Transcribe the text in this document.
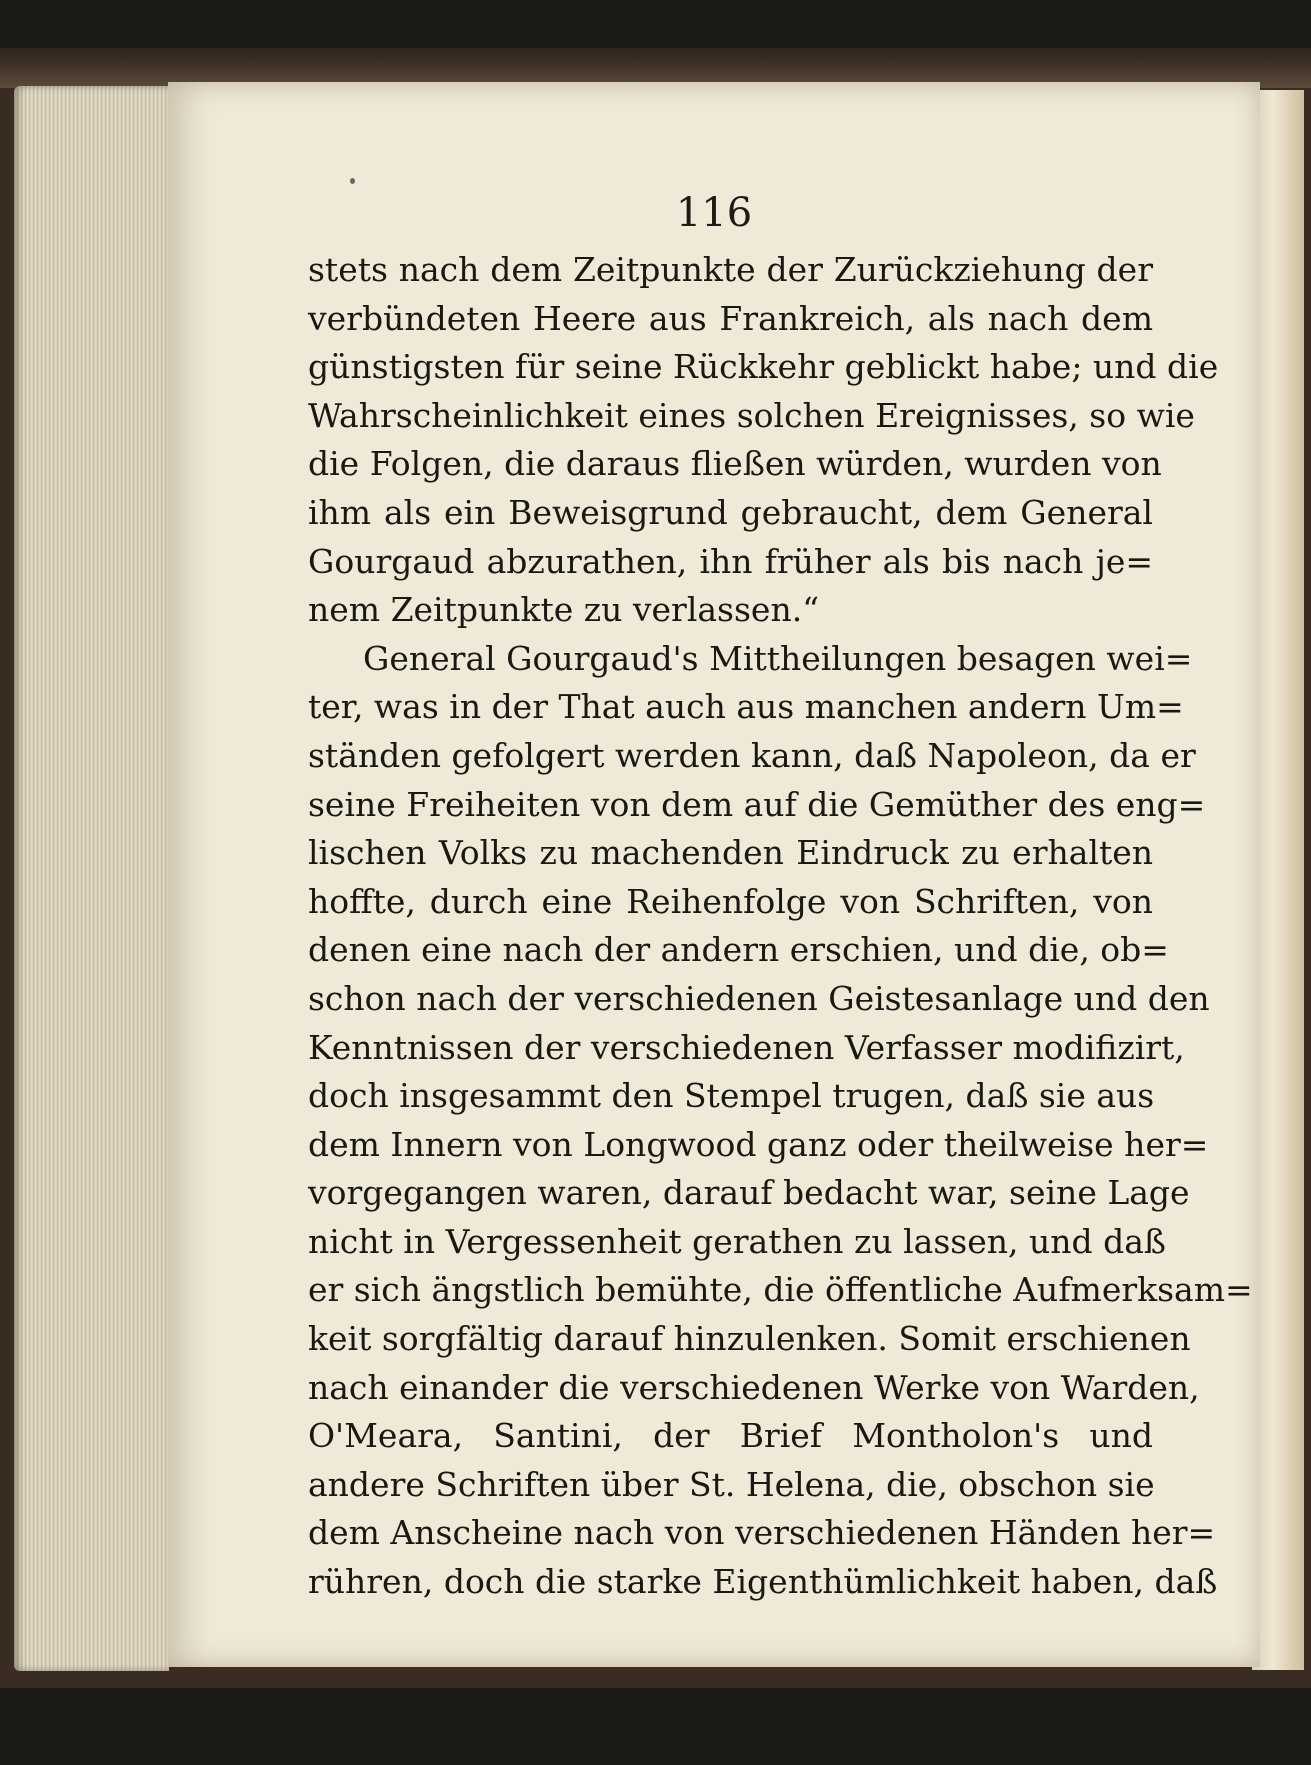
116
stets nach dem Zeitpunkte der Zurückziehung der
verbündeten Heere aus Frankreich, als nach dem
günstigsten für seine Rückkehr geblickt habe; und die
Wahrscheinlichkeit eines solchen Ereignisses, so wie
die Folgen, die daraus fließen würden, wurden von
ihm als ein Beweisgrund gebraucht, dem General
Gourgaud abzurathen, ihn früher als bis nach je=
nem Zeitpunkte zu verlassen.“
General Gourgaud's Mittheilungen besagen wei=
ter, was in der That auch aus manchen andern Um=
ständen gefolgert werden kann, daß Napoleon, da er
seine Freiheiten von dem auf die Gemüther des eng=
lischen Volks zu machenden Eindruck zu erhalten
hoffte, durch eine Reihenfolge von Schriften, von
denen eine nach der andern erschien, und die, ob=
schon nach der verschiedenen Geistesanlage und den
Kenntnissen der verschiedenen Verfasser modifizirt,
doch insgesammt den Stempel trugen, daß sie aus
dem Innern von Longwood ganz oder theilweise her=
vorgegangen waren, darauf bedacht war, seine Lage
nicht in Vergessenheit gerathen zu lassen, und daß
er sich ängstlich bemühte, die öffentliche Aufmerksam=
keit sorgfältig darauf hinzulenken. Somit erschienen
nach einander die verschiedenen Werke von Warden,
O'Meara, Santini, der Brief Montholon's und
andere Schriften über St. Helena, die, obschon sie
dem Anscheine nach von verschiedenen Händen her=
rühren, doch die starke Eigenthümlichkeit haben, daß
